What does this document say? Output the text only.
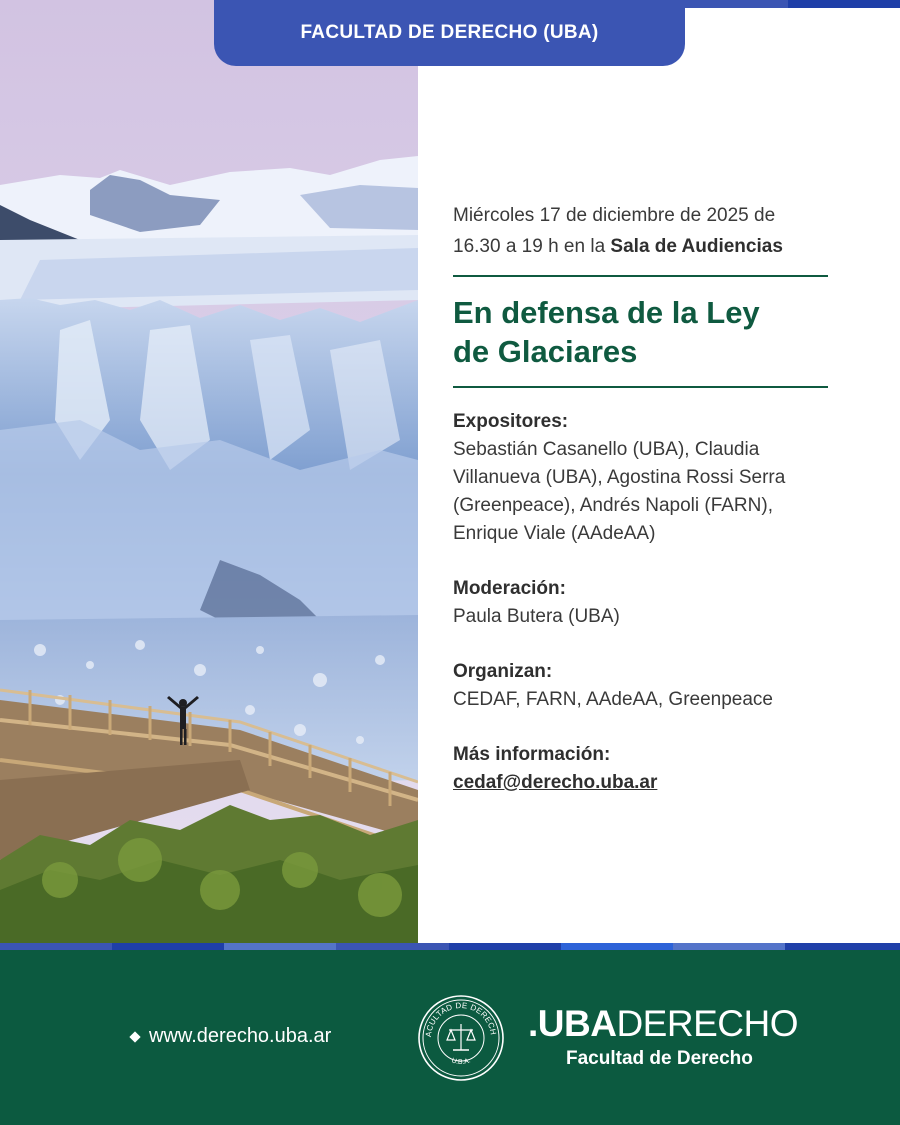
FACULTAD DE DERECHO (UBA)

Miércoles 17 de diciembre de 2025 de
16.30 a 19 h en la Sala de Audiencias

En defensa de la Ley
de Glaciares
Expositores:
Sebastián Casanello (UBA), Claudia
Villanueva (UBA), Agostina Rossi Serra
(Greenpeace), Andrés Napoli (FARN),
Enrique Viale (AAdeAA)
Moderación:
Paula Butera (UBA)
Organizan:
CEDAF, FARN, AAdeAA, Greenpeace
Más información:
cedaf@derecho.uba.ar
www.derecho.uba.ar	ACULTAD DE DERECH
U.B.A.
.UBADERECHO
Facultad de Derecho
